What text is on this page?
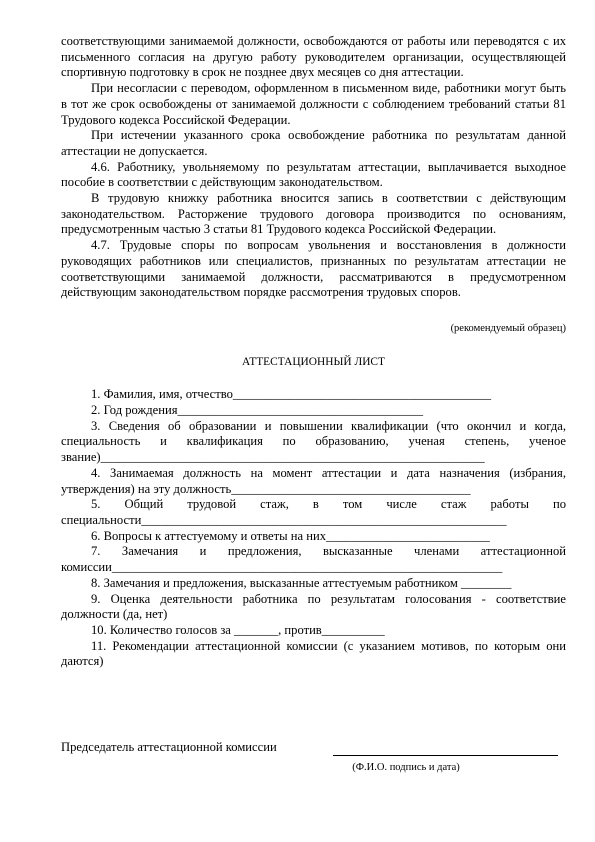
соответствующими занимаемой должности, освобождаются от работы или переводятся с их письменного согласия на другую работу руководителем организации, осуществляющей спортивную подготовку в срок не позднее двух месяцев со дня аттестации.

При несогласии с переводом, оформленном в письменном виде, работники могут быть в тот же срок освобождены от занимаемой должности с соблюдением требований статьи 81 Трудового кодекса Российской Федерации.

При истечении указанного срока освобождение работника по результатам данной аттестации не допускается.

4.6. Работнику, увольняемому по результатам аттестации, выплачивается выходное пособие в соответствии с действующим законодательством.

В трудовую книжку работника вносится запись в соответствии с действующим законодательством. Расторжение трудового договора производится по основаниям, предусмотренным частью 3 статьи 81 Трудового кодекса Российской Федерации.

4.7. Трудовые споры по вопросам увольнения и восстановления в должности руководящих работников или специалистов, признанных по результатам аттестации не соответствующими занимаемой должности, рассматриваются в предусмотренном действующим законодательством порядке рассмотрения трудовых споров.

(рекомендуемый образец)

АТТЕСТАЦИОННЫЙ ЛИСТ

1. Фамилия, имя, отчество_________________________________________

2. Год рождения_______________________________________

3. Сведения об образовании и повышении квалификации (что окончил и когда, специальность и квалификация по образованию, ученая степень, ученое звание)_____________________________________________________________

4. Занимаемая должность на момент аттестации и дата назначения (избрания, утверждения) на эту должность______________________________________

5. Общий трудовой стаж, в том числе стаж работы по специальности__________________________________________________________

6. Вопросы к аттестуемому и ответы на них__________________________

7. Замечания и предложения, высказанные членами аттестационной комиссии______________________________________________________________

8. Замечания и предложения, высказанные аттестуемым работником ________

9. Оценка деятельности работника по результатам голосования - соответствие должности (да, нет)

10. Количество голосов за _______, против__________

11. Рекомендации аттестационной комиссии (с указанием мотивов, по которым они даются)

Председатель аттестационной комиссии
(Ф.И.О. подпись и дата)
